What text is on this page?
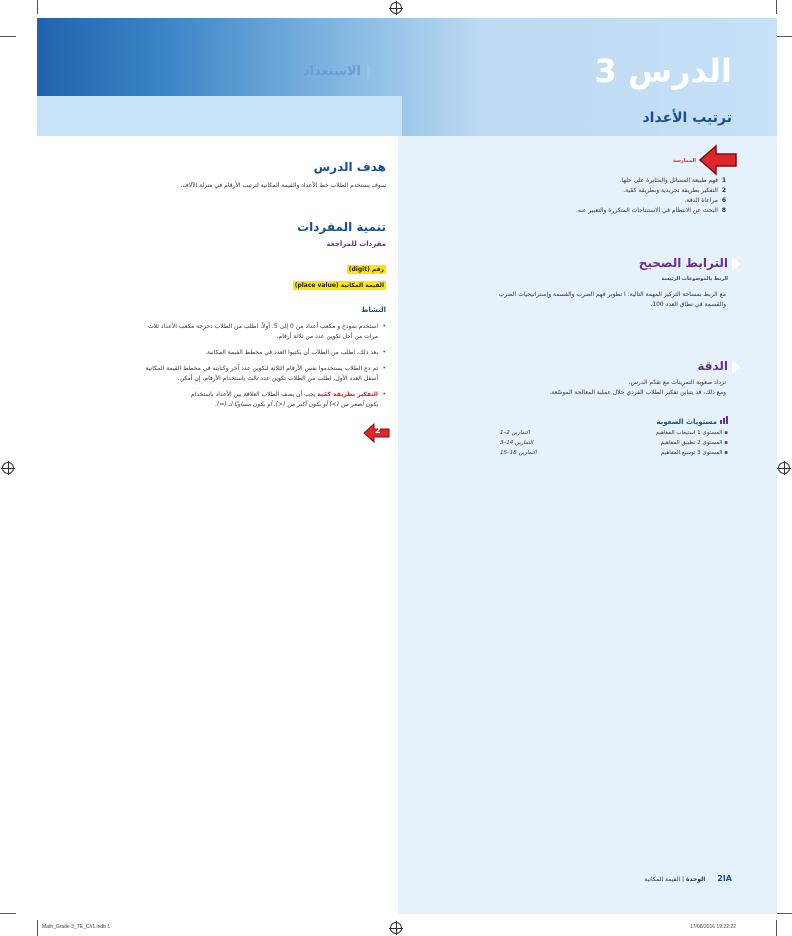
الدرس 3
ترتيب الأعداد
الاستعداد
الممارسة
1  فهم طبيعة المسائل والمثابرة على حلها.
2  التفكير بطريقة تجريدية وبطريقة كمّية.
6  مراعاة الدقة.
8  البحث عن الانتظام في الاستنتاجات المتكررة والتعبير عنه.
الترابط الصحيح
الربط بالموضوعات الرئيسة
مع الربط بمساحة التركيز المهمة التالية: ا تطوير فهم الضرب والقسمة وإستراتيجيات الضرب
والقسمة في نطاق العدد 100.
الدقة
تزداد صعوبة التمرينات مع تقدّم الدرس.
ومع ذلك، قد يتباين تفكير الطلاب الفردي خلال عملية المعالجة الموسّعة.
مستويات الصعوبة
▪ المستوى 1 استيعاب المفاهيم
التمارين 2–1
▪ المستوى 2 تطبيق المفاهيم
التمارين 14–3
▪ المستوى 3 توسيع المفاهيم
التمارين 18–15
هدف الدرس
سوف يستخدم الطلاب خط الأعداد والقيمة المكانية لترتيب الأرقام في منزلة الآلاف.
تنمية المفردات
مفردات للمراجعة
رقم (digit)
القيمة المكانية (place value)
النشاط
• استخدم نموذج و مكعب أعداد من 0 إلى 5. أولاً، اطلب من الطلاب دحرجة مكعب الأعداد ثلاث مرات من أجل تكوين عدد من ثلاثة أرقام.
• بعد ذلك، اطلب من الطلاب أن يكتبوا العدد في مخطط القيمة المكانية.
• ثم دع الطلاب يستخدموا نفس الأرقام الثلاثة لتكوين عدد آخر وكتابته في مخطط القيمة المكانية أسفل العدد الأول. اطلب من الطلاب تكوين عدد ثالث باستخدام الأرقام، إن أمكن.
• التفكير بطريقة كمّية يجب أن يصف الطلاب العلاقة بين الأعداد باستخدام
يكون أصغر من (>) أو يكون أكبر من (<)، أو يكون مساويًا لـ (=).
2
2IA الوحدة | القيمة المكانية
Math_Grade 3_TE_Ch1.indb 1	17/08/2016 19:22:22
